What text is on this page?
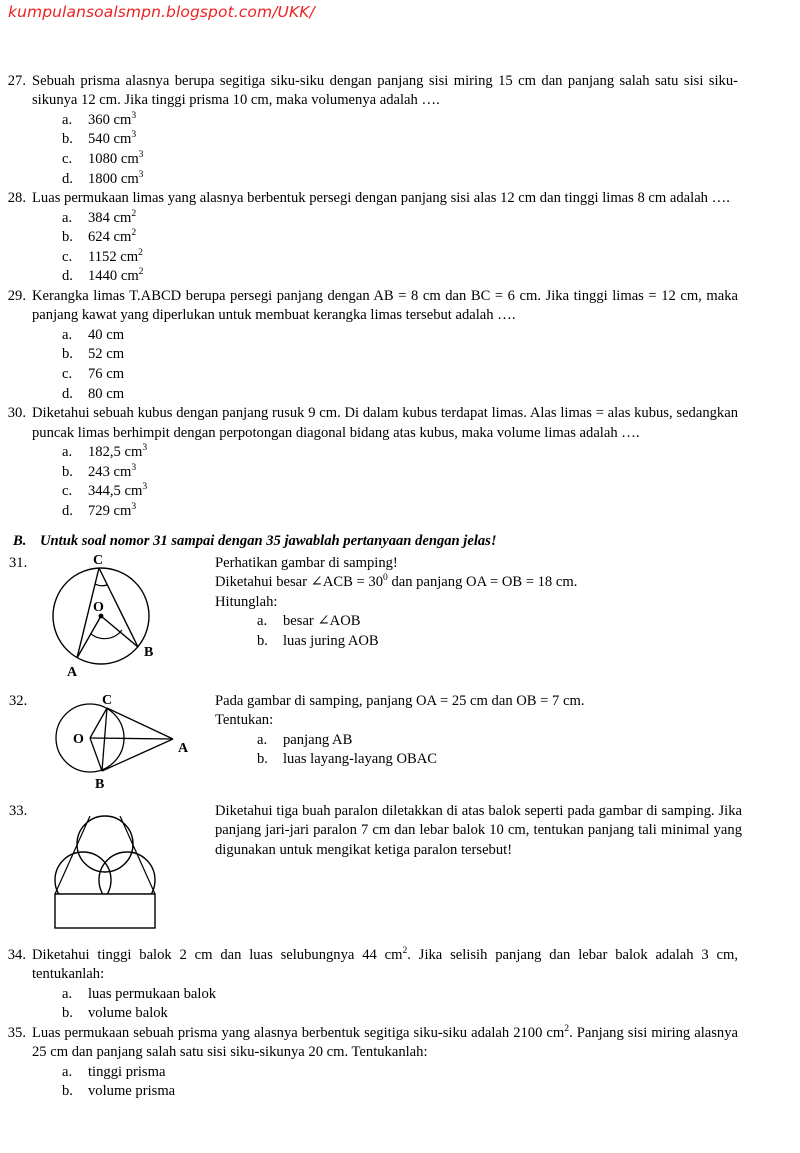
kumpulansoalsmpn.blogspot.com/UKK/
27. Sebuah prisma alasnya berupa segitiga siku-siku dengan panjang sisi miring 15 cm dan panjang salah satu sisi siku-sikunya 12 cm. Jika tinggi prisma 10 cm, maka volumenya adalah ….
a.	360 $cm^3$
b.	540 $cm^3$
c.	1080 $cm^3$
d.	1800 $cm^3$
28. Luas permukaan limas yang alasnya berbentuk persegi dengan panjang sisi alas 12 cm dan tinggi limas 8 cm adalah ….
a.	384 $cm^2$
b.	624 $cm^2$
c.	1152 $cm^2$
d.	1440 $cm^2$
29. Kerangka limas T.ABCD berupa persegi panjang dengan AB = 8 cm dan BC = 6 cm. Jika tinggi limas = 12 cm, maka panjang kawat yang diperlukan untuk membuat kerangka limas tersebut adalah ….
a.	40 cm
b.	52 cm
c.	76 cm
d.	80 cm
30. Diketahui sebuah kubus dengan panjang rusuk 9 cm. Di dalam kubus terdapat limas. Alas limas = alas kubus, sedangkan puncak limas berhimpit dengan perpotongan diagonal bidang atas kubus, maka volume limas adalah ….
a.	182,5 $cm^3$
b.	243 $cm^3$
c.	344,5 $cm^3$
d.	729 $cm^3$
B. Untuk soal nomor 31 sampai dengan 35 jawablah pertanyaan dengan jelas!
31.	C
O
A
B
Perhatikan gambar di samping!
Diketahui besar ∠ACB = $30^0$ dan panjang OA = OB = 18 cm.
Hitunglah:
a.	besar ∠AOB
b.	luas juring AOB
32.	C
O
A
B
Pada gambar di samping, panjang OA = 25 cm dan OB = 7 cm.
Tentukan:
a.	panjang AB
b.	luas layang-layang OBAC
33.	Diketahui tiga buah paralon diletakkan di atas balok seperti pada gambar di samping. Jika panjang jari-jari paralon 7 cm dan lebar balok 10 cm, tentukan panjang tali minimal yang digunakan untuk mengikat ketiga paralon tersebut!
34. Diketahui tinggi balok 2 cm dan luas selubungnya 44 $cm^2$. Jika selisih panjang dan lebar balok adalah 3 cm, tentukanlah:
a.	luas permukaan balok
b.	volume balok
35. Luas permukaan sebuah prisma yang alasnya berbentuk segitiga siku-siku adalah 2100 $cm^2$. Panjang sisi miring alasnya 25 cm dan panjang salah satu sisi siku-sikunya 20 cm. Tentukanlah:
a.	tinggi prisma
b.	volume prisma
